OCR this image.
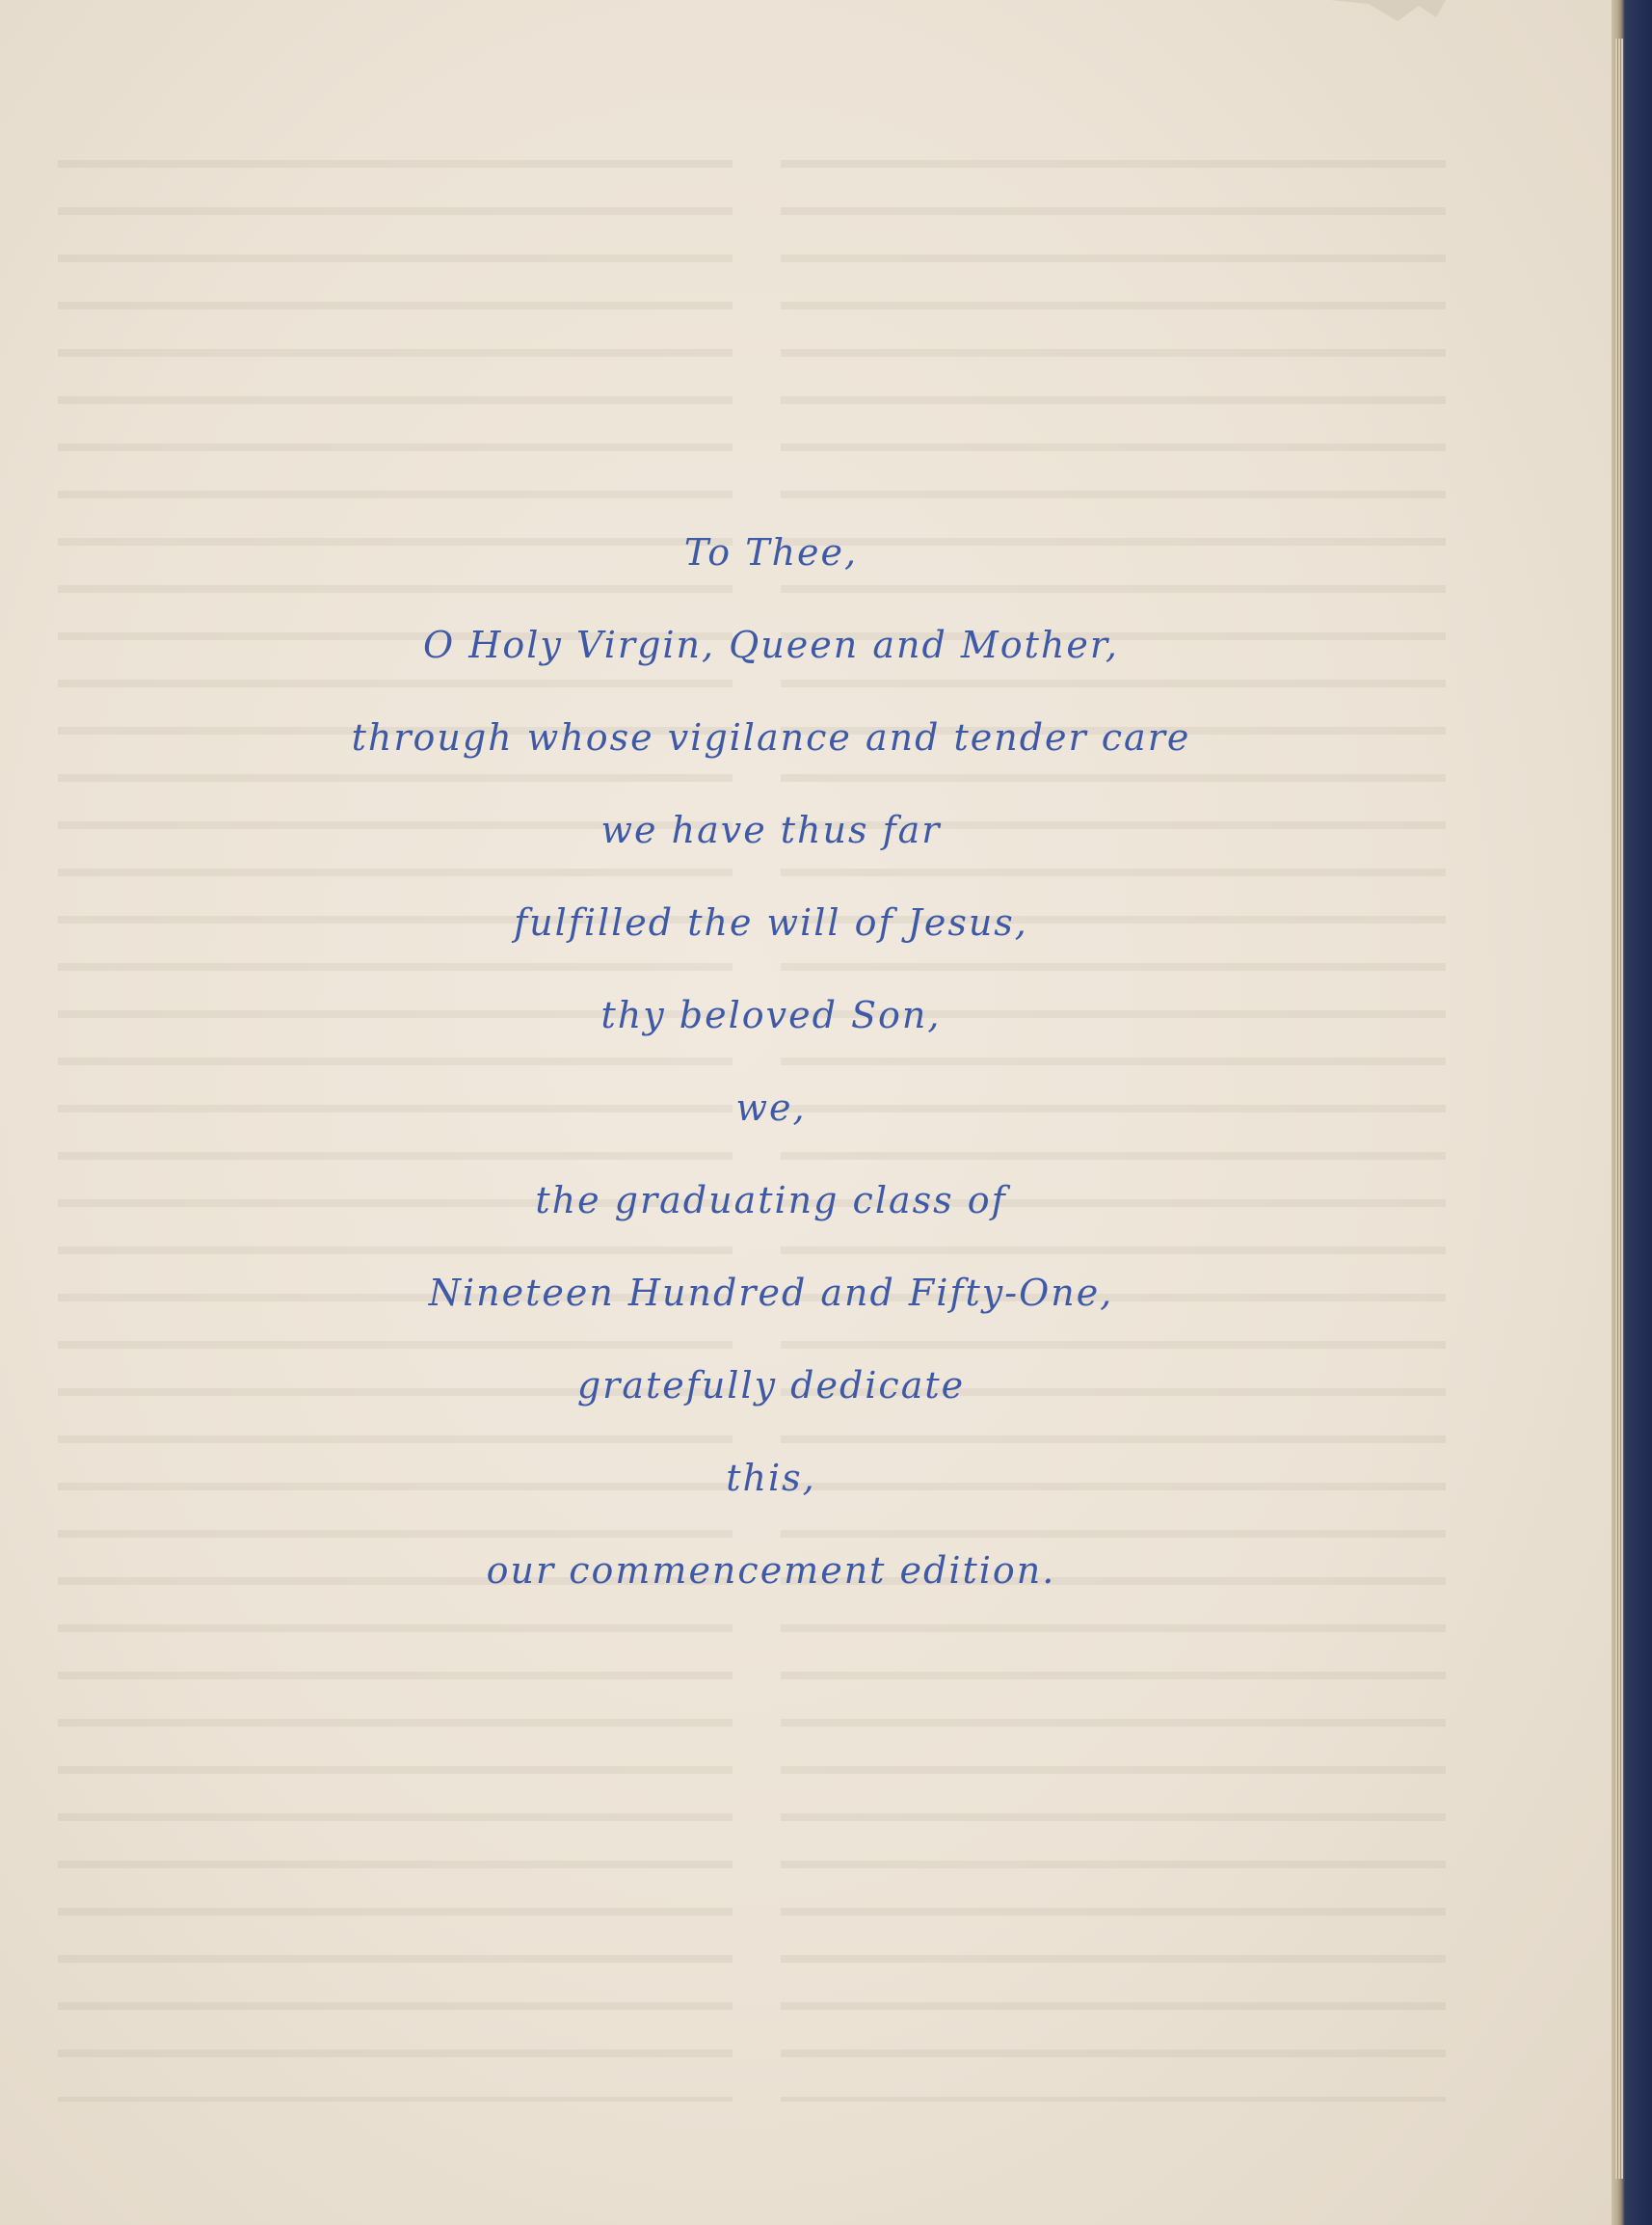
To Thee,
O Holy Virgin, Queen and Mother,
through whose vigilance and tender care
we have thus far
fulfilled the will of Jesus,
thy beloved Son,
we,
the graduating class of
Nineteen Hundred and Fifty-One,
gratefully dedicate
this,
our commencement edition.
